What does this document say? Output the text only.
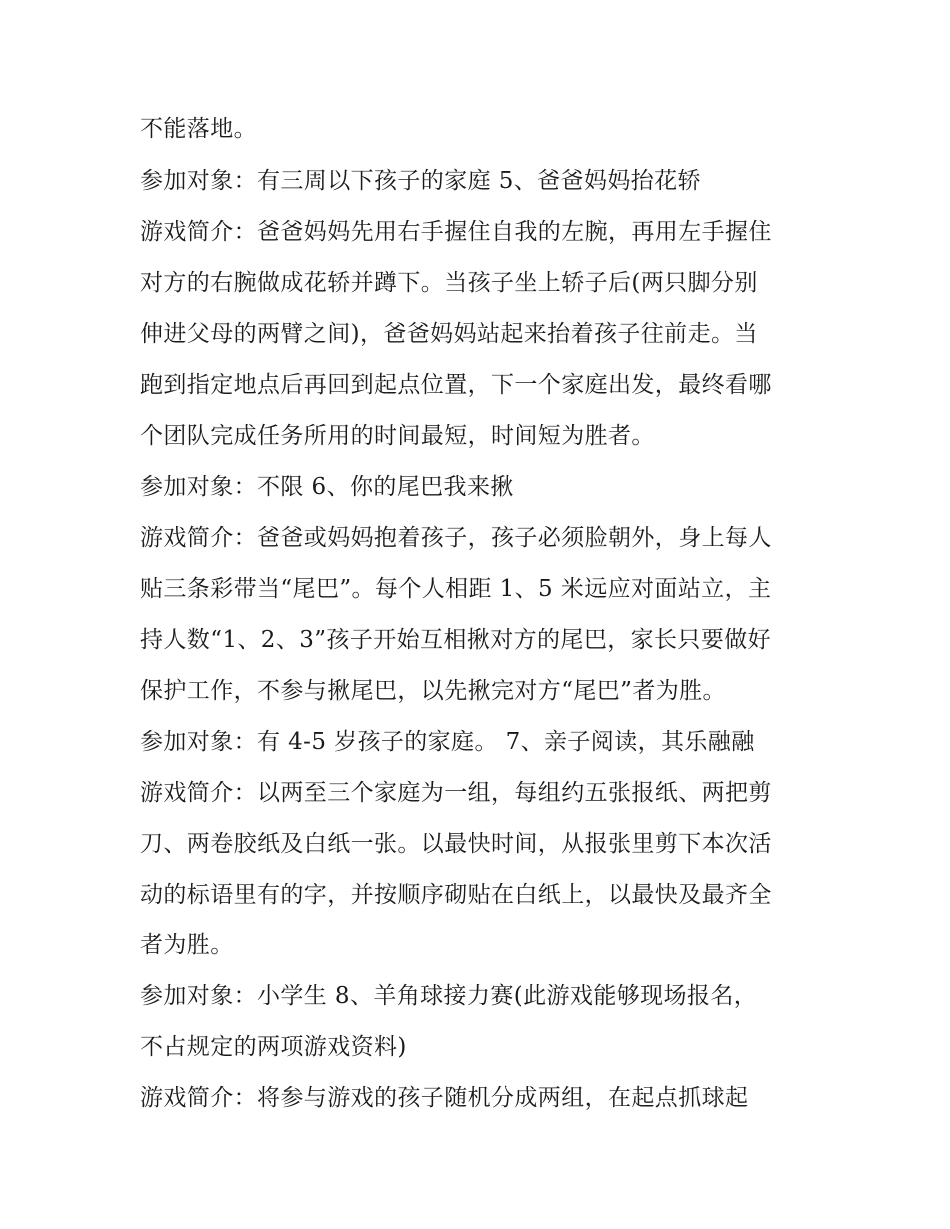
不能落地。
参加对象：有三周以下孩子的家庭 5、爸爸妈妈抬花轿
游戏简介：爸爸妈妈先用右手握住自我的左腕，再用左手握住
对方的右腕做成花轿并蹲下。当孩子坐上轿子后(两只脚分别
伸进父母的两臂之间)，爸爸妈妈站起来抬着孩子往前走。当
跑到指定地点后再回到起点位置，下一个家庭出发，最终看哪
个团队完成任务所用的时间最短，时间短为胜者。
参加对象：不限 6、你的尾巴我来揪
游戏简介：爸爸或妈妈抱着孩子，孩子必须脸朝外，身上每人
贴三条彩带当“尾巴”。每个人相距 1、5 米远应对面站立，主
持人数“1、2、3”孩子开始互相揪对方的尾巴，家长只要做好
保护工作，不参与揪尾巴，以先揪完对方“尾巴”者为胜。
参加对象：有 4-5 岁孩子的家庭。 7、亲子阅读，其乐融融
游戏简介：以两至三个家庭为一组，每组约五张报纸、两把剪
刀、两卷胶纸及白纸一张。以最快时间，从报张里剪下本次活
动的标语里有的字，并按顺序砌贴在白纸上，以最快及最齐全
者为胜。
参加对象：小学生 8、羊角球接力赛(此游戏能够现场报名，
不占规定的两项游戏资料)
游戏简介：将参与游戏的孩子随机分成两组，在起点抓球起
